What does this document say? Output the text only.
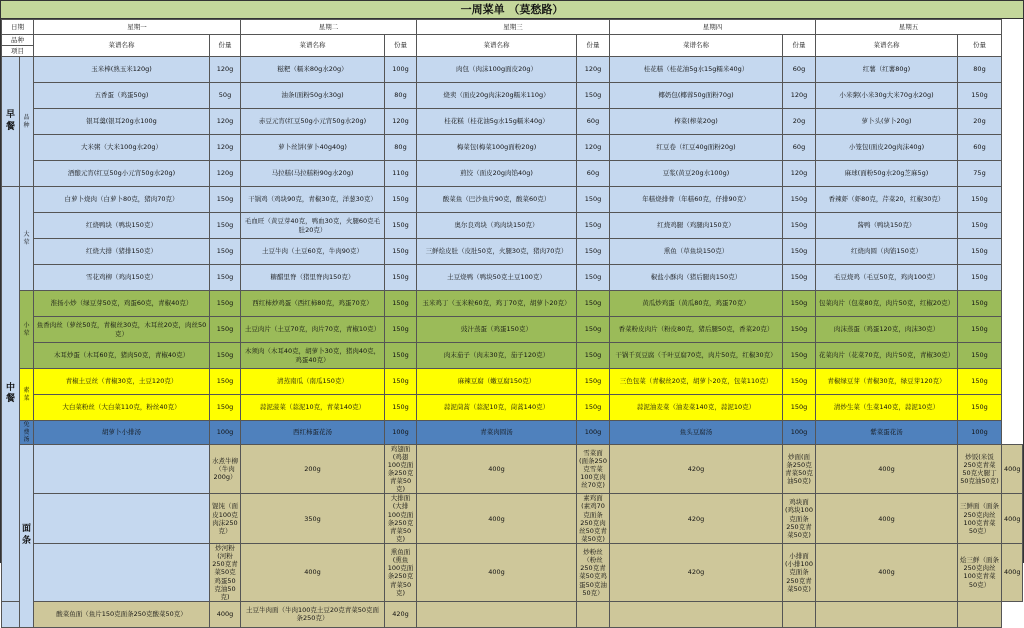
一周菜单 （莫愁路）
日期		星期一		星期二		星期三		星期四		星期五		
品种		菜谱名称	份量	菜谱名称	份量	菜谱名称	份量	菜谱名称	份量	菜谱名称	份量	
项目												
早餐	品种	玉米棒(熟玉米120g)	120g	糍粑（糯米80g水20g）	100g	肉包（肉沫100g面皮20g）	120g	桂花糕（桂花油5g水15g糯米40g）	60g	红薯（红薯80g)	80g	
		五香蛋（鸡蛋50g)	50g	油条(面粉50g水30g)	80g	烧卖（面皮20g肉沫20g糯米110g）	150g	椰奶包(椰蓉50g面粉70g)	120g	小米粥(小米30g大米70g水20g)	150g	
		银耳羹(银耳20g水100g	120g	赤豆元宵(红豆50g小元宵50g水20g)	120g	桂花糕（桂花油5g水15g糯米40g）	60g	榨菜(榨菜20g)	20g	萝卜头(萝卜20g)	20g	
		大米粥（大米100g水20g）	120g	萝卜丝饼(萝卜40g40g)	80g	梅菜包(梅菜100g面粉20g)	120g	红豆卷（红豆40g面粉20g)	60g	小笼包(面皮20g肉沫40g)	60g	
		酒酿元宵(红豆50g小元宵50g水20g)	120g	马拉糕(马拉糕粉90g水20g)	110g	煎饺（面皮20g肉馅40g)	60g	豆浆(黄豆20g水100g)	120g	麻球(面粉50g水20g芝麻5g)	75g	
中餐	大荤	白萝卜烧肉（白萝卜80克，猪肉70克）	150g	干锅鸡（鸡块90克，青椒30克，洋葱30克）	150g	酸菜鱼（巴沙鱼片90克，酸菜60克）	150g	年糕烧排骨（年糕60克，仔排90克）	150g	香辣虾（虾80克，芹菜20，红椒30克）	150g	
		红烧鸭块（鸭块150克）	150g	毛血旺（黄豆芽40克，鸭血30克，火腿60克毛肚20克）	150g	奥尔良鸡块（鸡肉块150克）	150g	红烧鸡腿（鸡腿肉150克）	150g	酱鸭（鸭块150克）	150g	
		红烧大排（猪排150克）	150g	土豆牛肉（土豆60克，牛肉90克）	150g	三鲜烩皮肚（皮肚50克，火腿30克，猪肉70克）	150g	熏鱼（草鱼块150克）	150g	红烧肉圆（肉馅150克）	150g	
		雪花鸡柳（鸡肉150克）	150g	糖醋里脊（猪里脊肉150克）	150g	土豆烧鸭（鸭块50克土豆100克）	150g	椒盐小酥肉（猪后腿肉150克）	150g	毛豆烧鸡（毛豆50克，鸡肉100克）	150g	
	小荤	淮扬小炒（绿豆芽50克，鸡蛋60克，青椒40克）	150g	西红柿炒鸡蛋（西红柿80克，鸡蛋70克）	150g	玉米鸡丁（玉米粒60克，鸡丁70克，胡萝卜20克）	150g	黄瓜炒鸡蛋（黄瓜80克，鸡蛋70克）	150g	包菜肉片（包菜80克，肉片50克，红椒20克）	150g	
		鱼香肉丝（萝丝50克，青椒丝30克，木耳丝20克，肉丝50克）	150g	土豆肉片（土豆70克，肉片70克，青椒10克）	150g	豉汁蒸蛋（鸡蛋150克）	150g	香菜粉皮肉片（粉皮80克，猪后腿50克，香菜20克）	150g	肉沫蒸蛋（鸡蛋120克，肉沫30克）	150g	
		木耳炒蛋（木耳60克，猪肉50克，青椒40克）	150g	木须肉（木耳40克，胡萝卜30克，猪肉40克，鸡蛋40克）	150g	肉末茄子（肉末30克，茄子120克）	150g	干锅千页豆腐（千叶豆腐70克，肉片50克，红椒30克）	150g	花菜肉片（花菜70克，肉片50克，青椒30克）	150g	
	素菜	青椒土豆丝（青椒30克，土豆120克）	150g	清蒸南瓜（南瓜150克）	150g	麻辣豆腐（嫩豆腐150克）	150g	三色包菜（青椒丝20克，胡萝卜20克，包菜110克）	150g	青椒绿豆芽（青椒30克，绿豆芽120克）	150g	
		大白菜粉丝（大白菜110克，粉丝40克）	150g	蒜泥菠菜（蒜泥10克，青菜140克）	150g	蒜泥茼蒿（蒜泥10克，茼蒿140克）	150g	蒜泥油麦菜（油麦菜140克，蒜泥10克）	150g	清炒生菜（生菜140克，蒜泥10克）	150g	
	免费汤	胡萝卜小排汤	100g	西红柿蛋花汤	100g	青菜肉圆汤	100g	鱼头豆腐汤	100g	紫菜蛋花汤	100g	
	面条		水煮牛柳（牛肉200g）	200g	鸡翅面(鸡翅100克面条250克青菜50克)	400g	雪菜面(面条250克雪菜100克肉丝70克)	420g	炒面(面条250克青菜50克油50克)	400g	炒饭(米饭250克青菜50克火腿丁50克油50克)	400g
			馄饨（面皮100克肉沫250克）	350g	大排面(大排100克面条250克青菜50克)	400g	素鸡面(素鸡70克面条250克肉丝50克青菜50克)	420g	鸡块面(鸡块100克面条250克青菜50克)	400g	三鲜面（面条250克肉丝100克青菜50克）	400g
			炒河粉(河粉250克青菜50克鸡蛋50克油50克)	400g	熏鱼面(熏鱼100克面条250克青菜50克)	400g	炒粉丝（粉丝250克青菜50克鸡蛋50克油50克）	420g	小排面(小排100克面条250克青菜50克)	400g	烩三鲜（面条250克肉丝100克青菜50克）	400g
		酸菜鱼面（鱼片150克面条250克酸菜50克）	400g	土豆牛肉面（牛肉100克土豆20克青菜50克面条250克）	420g							
